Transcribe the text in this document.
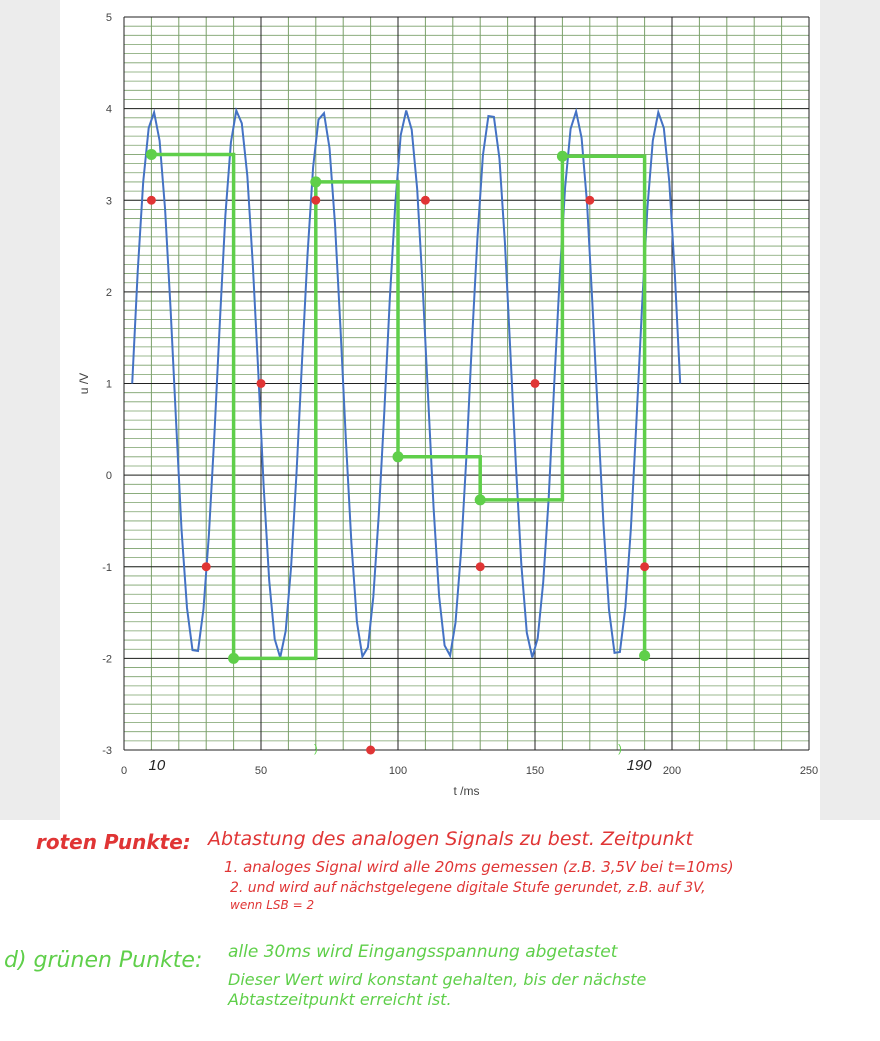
-3
-2
-1
0
1
2
3
4
5
0	50	100	150	200	250
t /ms
u /V
10	190
)	)
roten Punkte: Abtastung des analogen Signals zu best. Zeitpunkt
1. analoges Signal wird alle 20ms gemessen (z.B. 3,5V bei t=10ms)
2. und wird auf nächstgelegene digitale Stufe gerundet, z.B. auf 3V,
wenn LSB = 2
d) grünen Punkte: alle 30ms wird Eingangsspannung abgetastet
Dieser Wert wird konstant gehalten, bis der nächste
Abtastzeitpunkt erreicht ist.
